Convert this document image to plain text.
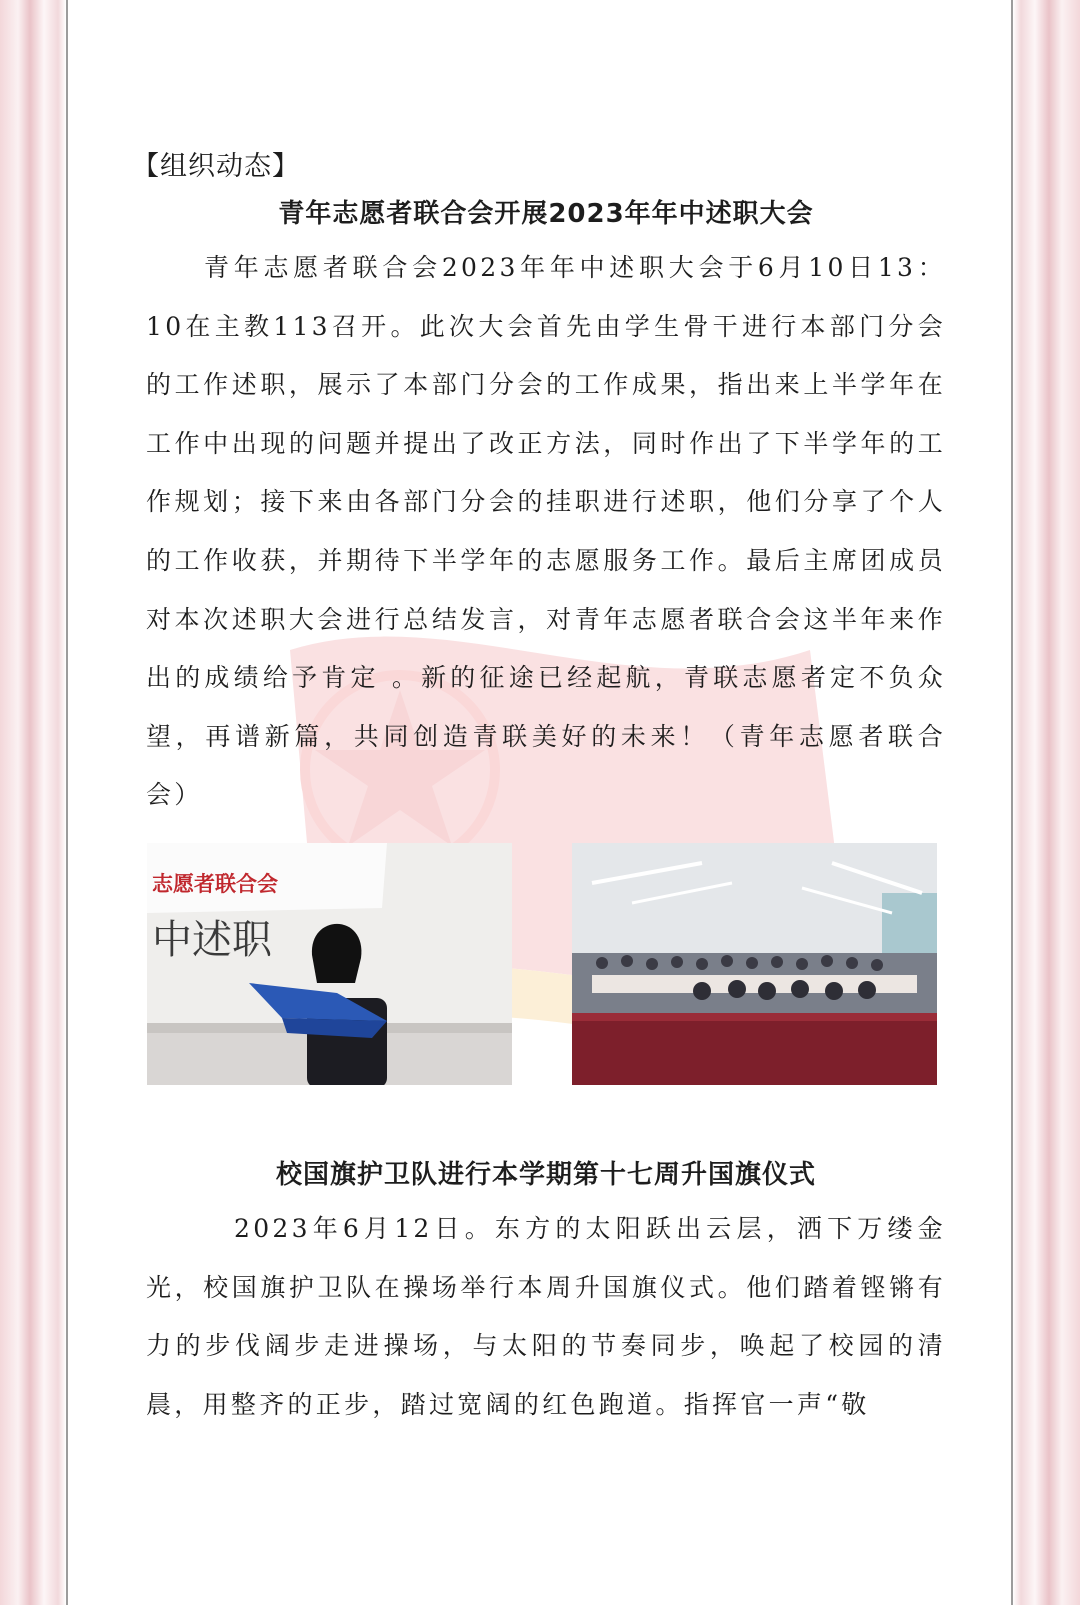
【组织动态】
青年志愿者联合会开展2023年年中述职大会

青年志愿者联合会2023年年中述职大会于6月10日13：10在主教113召开。此次大会首先由学生骨干进行本部门分会的工作述职，展示了本部门分会的工作成果，指出来上半学年在工作中出现的问题并提出了改正方法，同时作出了下半学年的工作规划；接下来由各部门分会的挂职进行述职，他们分享了个人的工作收获，并期待下半学年的志愿服务工作。最后主席团成员对本次述职大会进行总结发言，对青年志愿者联合会这半年来作出的成绩给予肯定 。新的征途已经起航，青联志愿者定不负众望，再谱新篇，共同创造青联美好的未来！（青年志愿者联合会）

志愿者联合会
中述职
校国旗护卫队进行本学期第十七周升国旗仪式

2023年6月12日。东方的太阳跃出云层，洒下万缕金光，校国旗护卫队在操场举行本周升国旗仪式。他们踏着铿锵有力的步伐阔步走进操场，与太阳的节奏同步，唤起了校园的清晨，用整齐的正步，踏过宽阔的红色跑道。指挥官一声“敬
